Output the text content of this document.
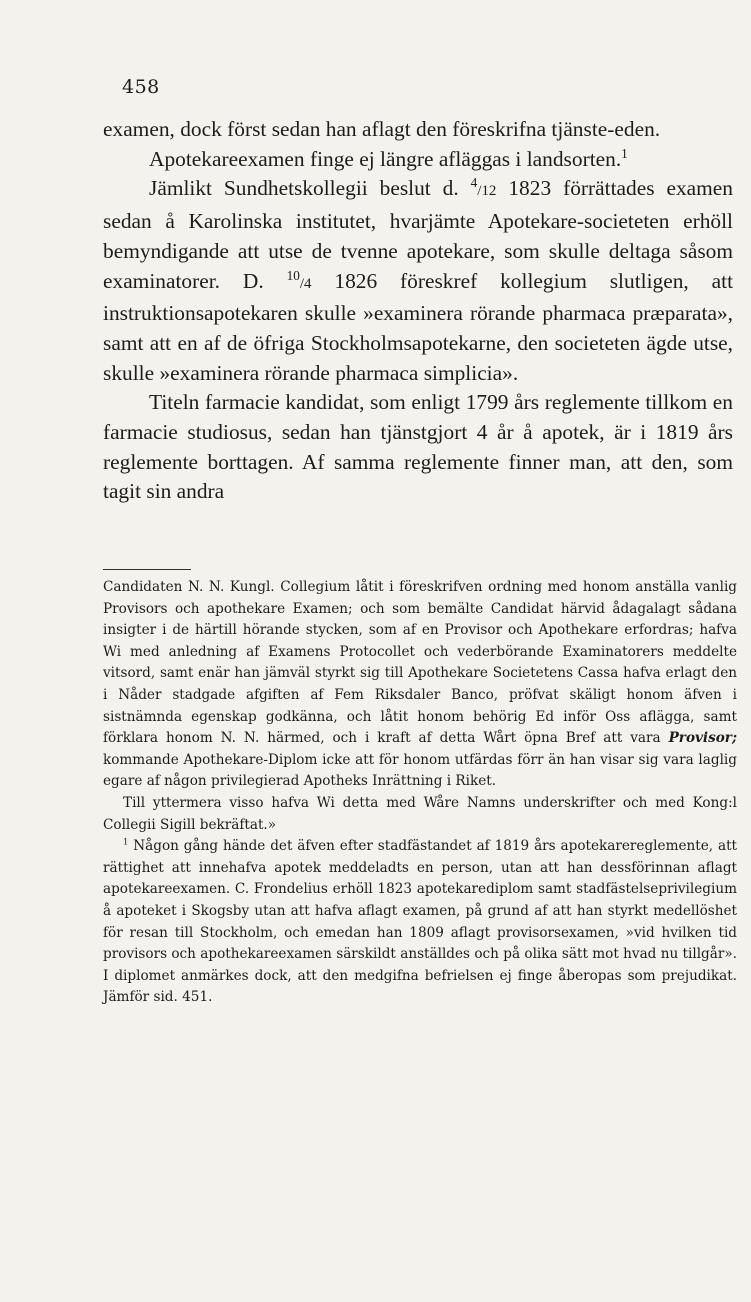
458

examen, dock först sedan han aflagt den föreskrifna tjänste-eden.

Apotekareexamen finge ej längre afläggas i landsorten.$^1$

Jämlikt Sundhetskollegii beslut d. $^4$/12 1823 förrättades examen sedan å Karolinska institutet, hvarjämte Apotekare-societeten erhöll bemyndigande att utse de tvenne apotekare, som skulle deltaga såsom examinatorer. D. $^{10}$/4 1826 föreskref kollegium slutligen, att instruktionsapotekaren skulle »examinera rörande pharmaca præparata», samt att en af de öfriga Stockholmsapotekarne, den societeten ägde utse, skulle »examinera rörande pharmaca simplicia».

Titeln farmacie kandidat, som enligt 1799 års reglemente tillkom en farmacie studiosus, sedan han tjänstgjort 4 år å apotek, är i 1819 års reglemente borttagen. Af samma reglemente finner man, att den, som tagit sin andra

Candidaten N. N. Kungl. Collegium låtit i föreskrifven ordning med honom anställa vanlig Provisors och apothekare Examen; och som bemälte Candidat härvid ådagalagt sådana insigter i de härtill hörande stycken, som af en Provisor och Apothekare erfordras; hafva Wi med anledning af Examens Protocollet och vederbörande Examinatorers meddelte vitsord, samt enär han jämväl styrkt sig till Apothekare Societetens Cassa hafva erlagt den i Nåder stadgade afgiften af Fem Riksdaler Banco, pröfvat skäligt honom äfven i sistnämnda egenskap godkänna, och låtit honom behörig Ed inför Oss aflägga, samt förklara honom N. N. härmed, och i kraft af detta Wårt öpna Bref att vara Provisor; kommande Apothekare-Diplom icke att för honom utfärdas förr än han visar sig vara laglig egare af någon privilegierad Apotheks Inrättning i Riket.

Till yttermera visso hafva Wi detta med Wåre Namns underskrifter och med Kong:l Collegii Sigill bekräftat.»

$^1$ Någon gång hände det äfven efter stadfästandet af 1819 års apotekarereglemente, att rättighet att innehafva apotek meddeladts en person, utan att han dessförinnan aflagt apotekareexamen. C. Frondelius erhöll 1823 apotekarediplom samt stadfästelseprivilegium å apoteket i Skogsby utan att hafva aflagt examen, på grund af att han styrkt medellöshet för resan till Stockholm, och emedan han 1809 aflagt provisorsexamen, »vid hvilken tid provisors och apothekareexamen särskildt anställdes och på olika sätt mot hvad nu tillgår». I diplomet anmärkes dock, att den medgifna befrielsen ej finge åberopas som prejudikat. Jämför sid. 451.
